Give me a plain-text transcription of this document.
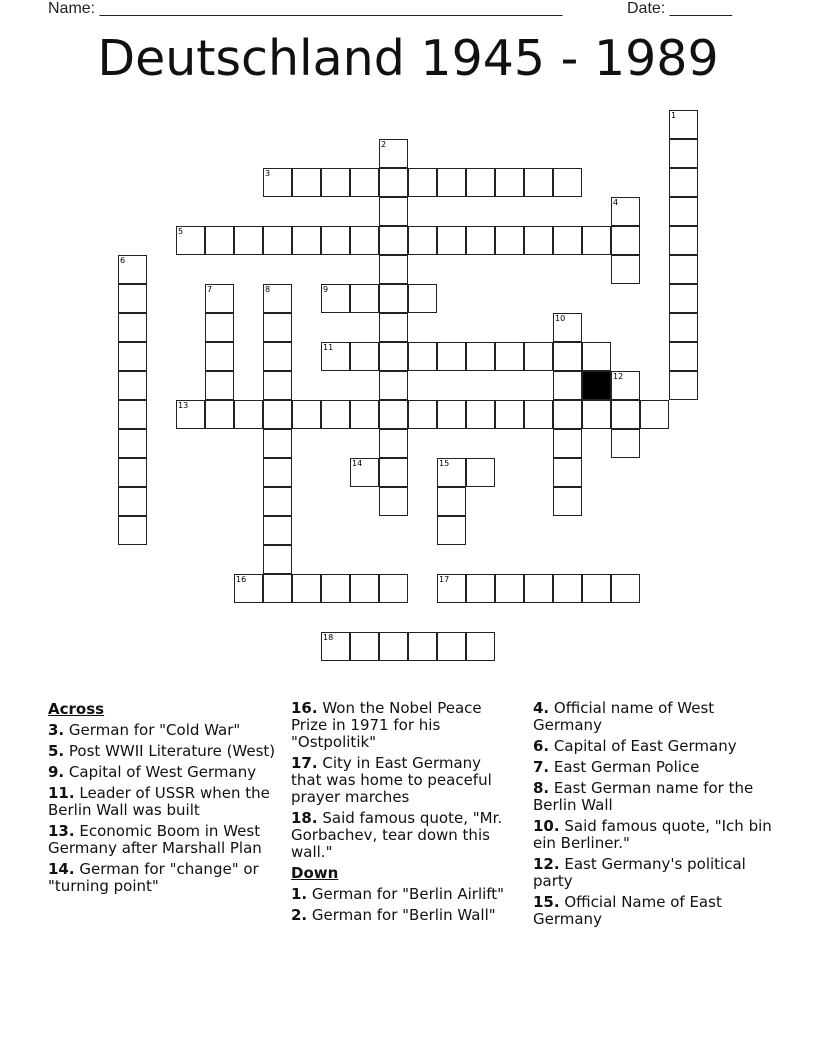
Name: ____________________________________________________	Date: _______
Deutschland 1945 - 1989
1
2
3
4
5
6
7	8	9
10
11
12
13
14	15
16	17
18
Across
3. German for "Cold War"
5. Post WWII Literature (West)
9. Capital of West Germany
11. Leader of USSR when the Berlin Wall was built
13. Economic Boom in West Germany after Marshall Plan
14. German for "change" or "turning point"
16. Won the Nobel Peace Prize in 1971 for his "Ostpolitik"
17. City in East Germany that was home to peaceful prayer marches
18. Said famous quote, "Mr. Gorbachev, tear down this wall."
Down
1. German for "Berlin Airlift"
2. German for "Berlin Wall"
4. Official name of West Germany
6. Capital of East Germany
7. East German Police
8. East German name for the Berlin Wall
10. Said famous quote, "Ich bin ein Berliner."
12. East Germany's political party
15. Official Name of East Germany
